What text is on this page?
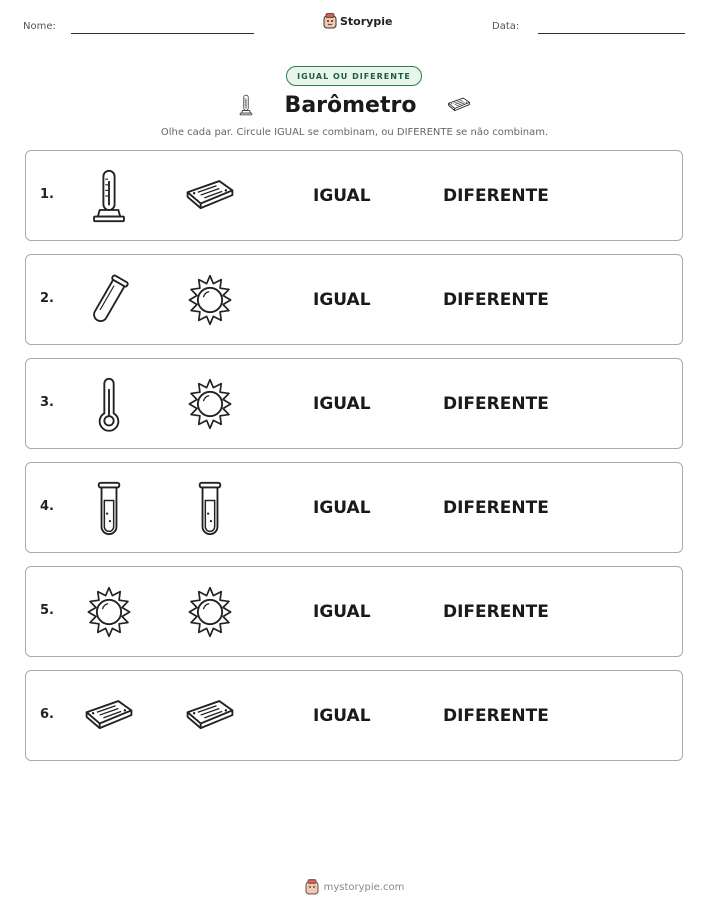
Nome:	Storypie	Data:
IGUAL OU DIFERENTE
Barômetro
Olhe cada par. Circule IGUAL se combinam, ou DIFERENTE se não combinam.
1.	IGUAL	DIFERENTE
2.	IGUAL	DIFERENTE
3.	IGUAL	DIFERENTE
4.	IGUAL	DIFERENTE
5.	IGUAL	DIFERENTE
6.	IGUAL	DIFERENTE
mystorypie.com
